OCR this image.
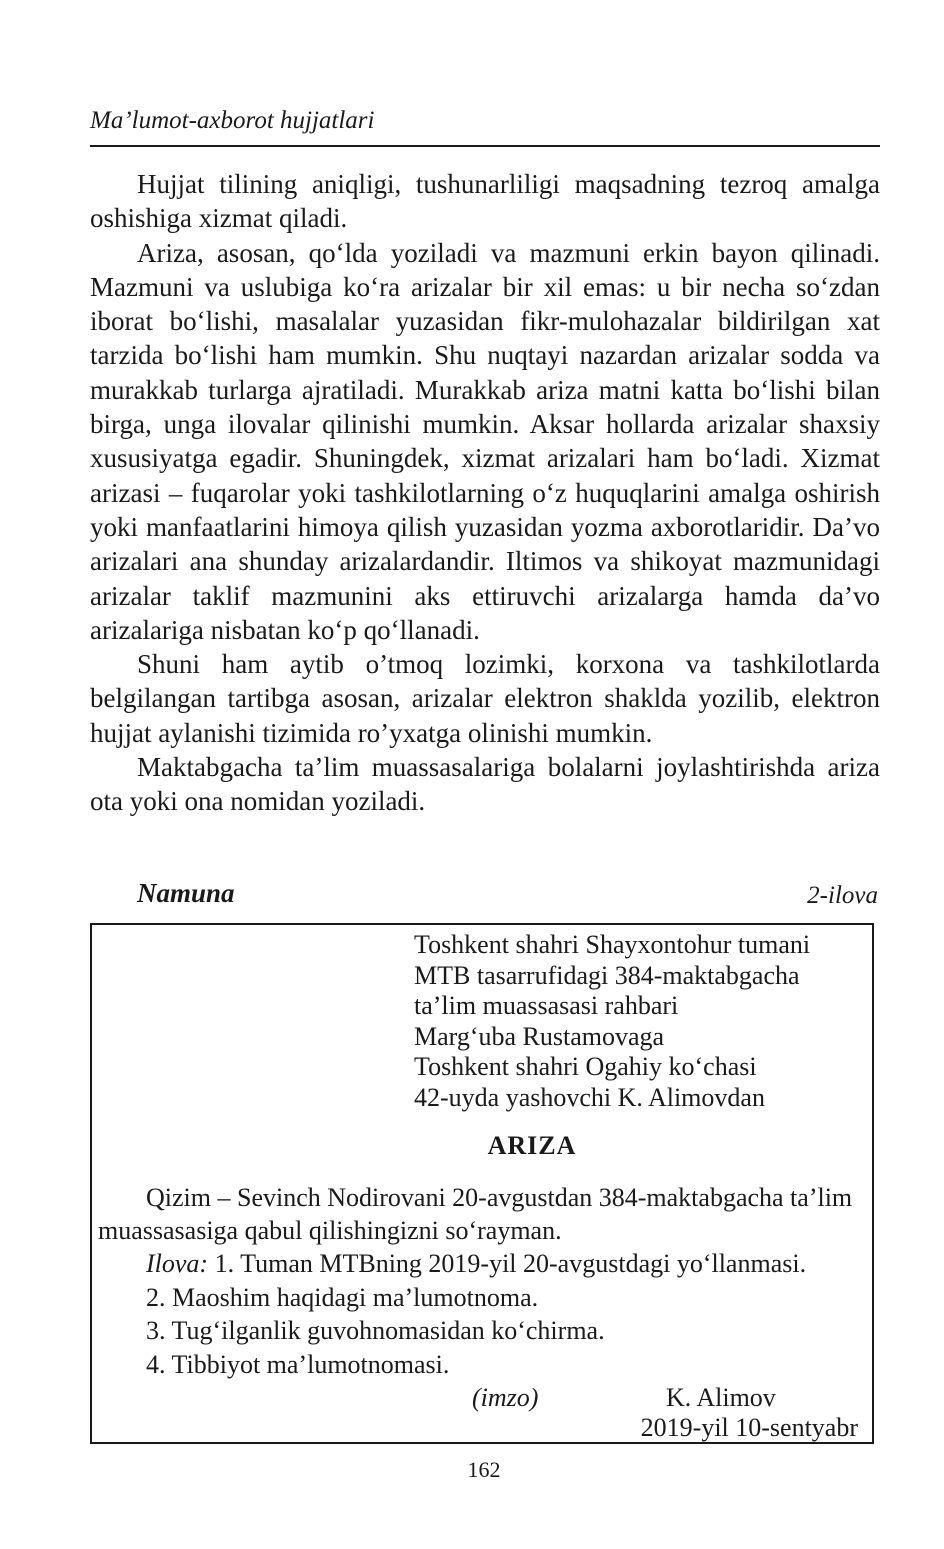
Ma’lumot-axborot hujjatlari

Hujjat tilining aniqligi, tushunarliligi maqsadning tezroq amalga oshishiga xizmat qiladi.

Ariza, asosan, qo‘lda yoziladi va mazmuni erkin bayon qilinadi. Mazmuni va uslubiga ko‘ra arizalar bir xil emas: u bir necha so‘zdan iborat bo‘lishi, masalalar yuzasidan fikr-mulohazalar bildirilgan xat tarzida bo‘lishi ham mumkin. Shu nuqtayi nazardan arizalar sodda va murakkab turlarga ajratiladi. Murakkab ariza matni katta bo‘lishi bilan birga, unga ilovalar qilinishi mumkin. Aksar hollarda arizalar shaxsiy xususiyatga egadir. Shuningdek, xizmat arizalari ham bo‘ladi. Xizmat arizasi – fuqarolar yoki tashkilotlarning o‘z huquqlarini amalga oshirish yoki manfaatlarini himoya qilish yuzasidan yozma axborotlaridir. Da’vo arizalari ana shunday arizalardandir. Iltimos va shikoyat mazmunidagi arizalar taklif mazmunini aks ettiruvchi arizalarga hamda da’vo arizalariga nisbatan ko‘p qo‘llanadi.

Shuni ham aytib o’tmoq lozimki, korxona va tashkilotlarda belgilangan tartibga asosan, arizalar elektron shaklda yozilib, elektron hujjat aylanishi tizimida ro’yxatga olinishi mumkin.

Maktabgacha ta’lim muassasalariga bolalarni joylashtirishda ariza ota yoki ona nomidan yoziladi.

Namuna	2-ilova
Toshkent shahri Shayxontohur tumani
MTB tasarrufidagi 384-maktabgacha
ta’lim muassasasi rahbari
Marg‘uba Rustamovaga
Toshkent shahri Ogahiy ko‘chasi
42-uyda yashovchi K. Alimovdan
ARIZA

Qizim – Sevinch Nodirovani 20-avgustdan 384-maktabgacha ta’lim muassasasiga qabul qilishingizni so‘rayman.

Ilova: 1. Tuman MTBning 2019-yil 20-avgustdagi yo‘llanmasi.
2. Maoshim haqidagi ma’lumotnoma.
3. Tug‘ilganlik guvohnomasidan ko‘chirma.
4. Tibbiyot ma’lumotnomasi.
(imzo)	K. Alimov
2019-yil 10-sentyabr
162
